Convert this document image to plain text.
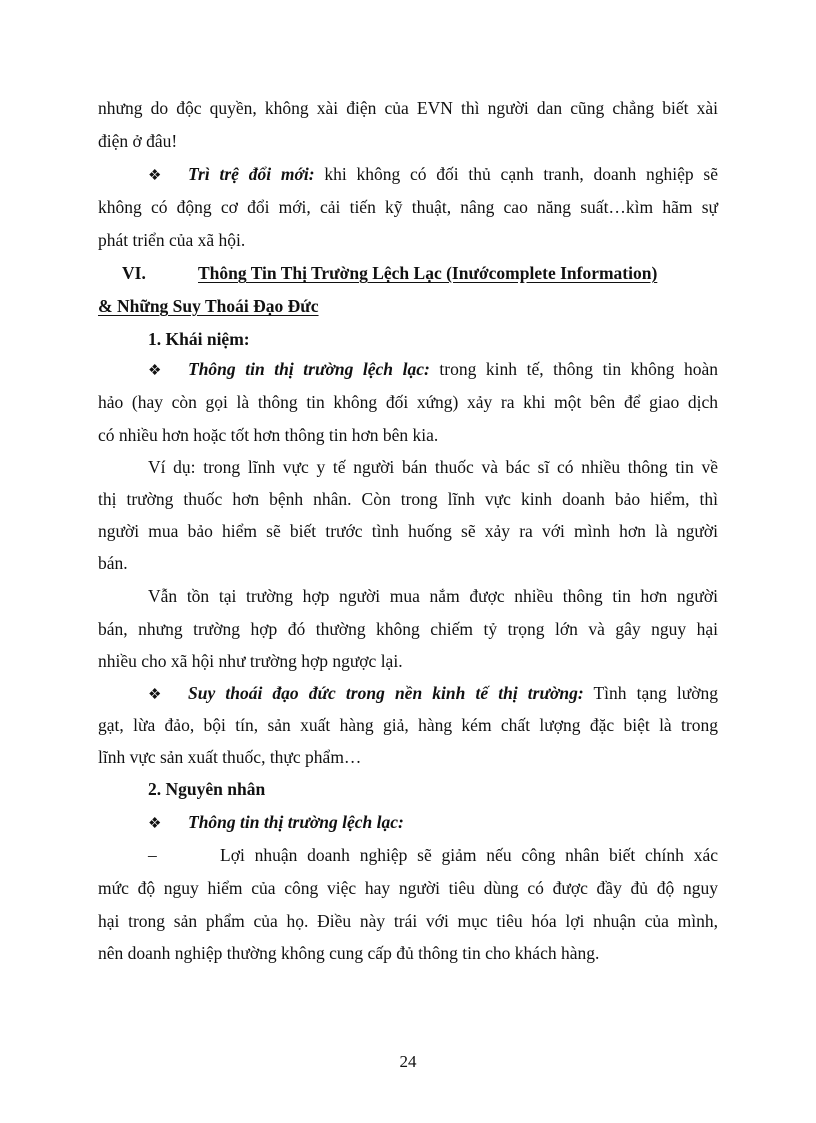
nhưng do độc quyền, không xài điện của EVN thì người dan cũng chẳng biết xài
điện ở đâu!
❖ Trì trệ đổi mới: khi không có đối thủ cạnh tranh, doanh nghiệp sẽ
không có động cơ đổi mới, cải tiến kỹ thuật, nâng cao năng suất…kìm hãm sự
phát triển của xã hội.
VI.	Thông Tin Thị Trường Lệch Lạc (Inướcomplete Information)
& Những Suy Thoái Đạo Đức
1. Khái niệm:
❖ Thông tin thị trường lệch lạc: trong kinh tế, thông tin không hoàn
hảo (hay còn gọi là thông tin không đối xứng) xảy ra khi một bên để giao dịch
có nhiều hơn hoặc tốt hơn thông tin hơn bên kia.
Ví dụ: trong lĩnh vực y tế người bán thuốc và bác sĩ có nhiều thông tin về
thị trường thuốc hơn bệnh nhân. Còn trong lĩnh vực kinh doanh bảo hiểm, thì
người mua bảo hiểm sẽ biết trước tình huống sẽ xảy ra với mình hơn là người
bán.
Vẫn tồn tại trường hợp người mua nắm được nhiều thông tin hơn người
bán, nhưng trường hợp đó thường không chiếm tỷ trọng lớn và gây nguy hại
nhiều cho xã hội như trường hợp ngược lại.
❖ Suy thoái đạo đức trong nền kinh tế thị trường: Tình tạng lường
gạt, lừa đảo, bội tín, sản xuất hàng giả, hàng kém chất lượng đặc biệt là trong
lĩnh vực sản xuất thuốc, thực phẩm…
2. Nguyên nhân
❖ Thông tin thị trường lệch lạc:
–	Lợi nhuận doanh nghiệp sẽ giảm nếu công nhân biết chính xác
mức độ nguy hiểm của công việc hay người tiêu dùng có được đầy đủ độ nguy
hại trong sản phẩm của họ. Điều này trái với mục tiêu hóa lợi nhuận của mình,
nên doanh nghiệp thường không cung cấp đủ thông tin cho khách hàng.
24
